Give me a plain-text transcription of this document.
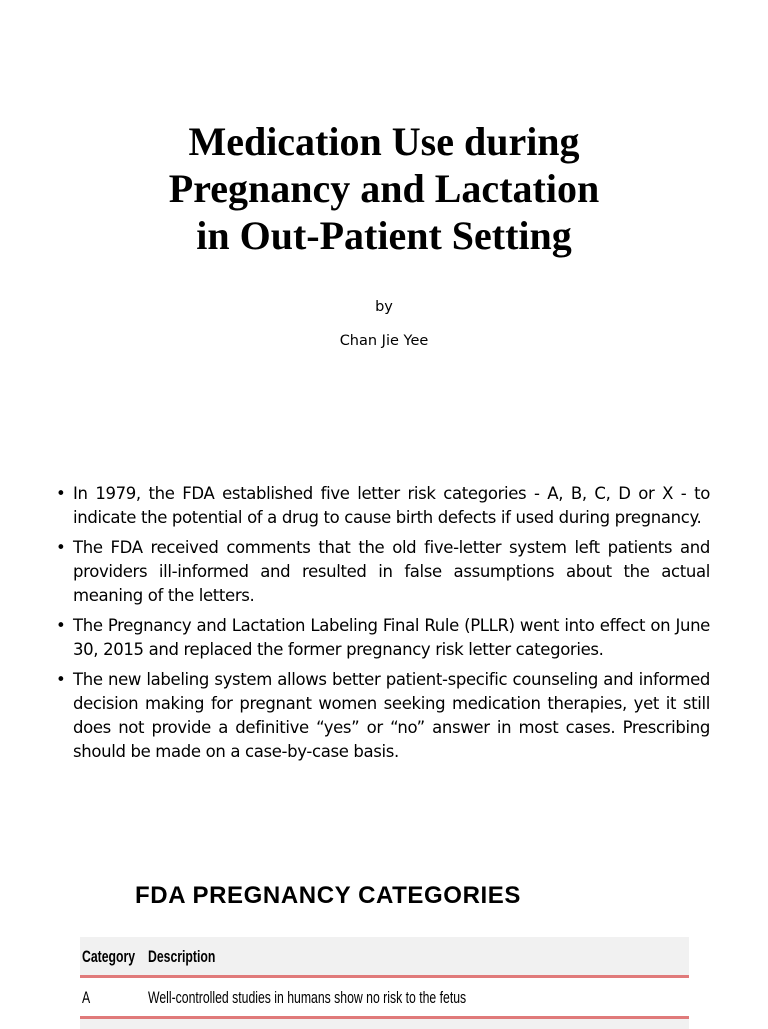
Medication Use during
Pregnancy and Lactation
in Out-Patient Setting
by
Chan Jie Yee
• In 1979, the FDA established five letter risk categories - A, B, C, D or X - to indicate the potential of a drug to cause birth defects if used during pregnancy.
• The FDA received comments that the old five-letter system left patients and providers ill-informed and resulted in false assumptions about the actual meaning of the letters.
• The Pregnancy and Lactation Labeling Final Rule (PLLR) went into effect on June 30, 2015 and replaced the former pregnancy risk letter categories.
• The new labeling system allows better patient-specific counseling and informed decision making for pregnant women seeking medication therapies, yet it still does not provide a definitive “yes” or “no” answer in most cases. Prescribing should be made on a case-by-case basis.
FDA PREGNANCY CATEGORIES
Category Description
A	Well-controlled studies in humans show no risk to the fetus
